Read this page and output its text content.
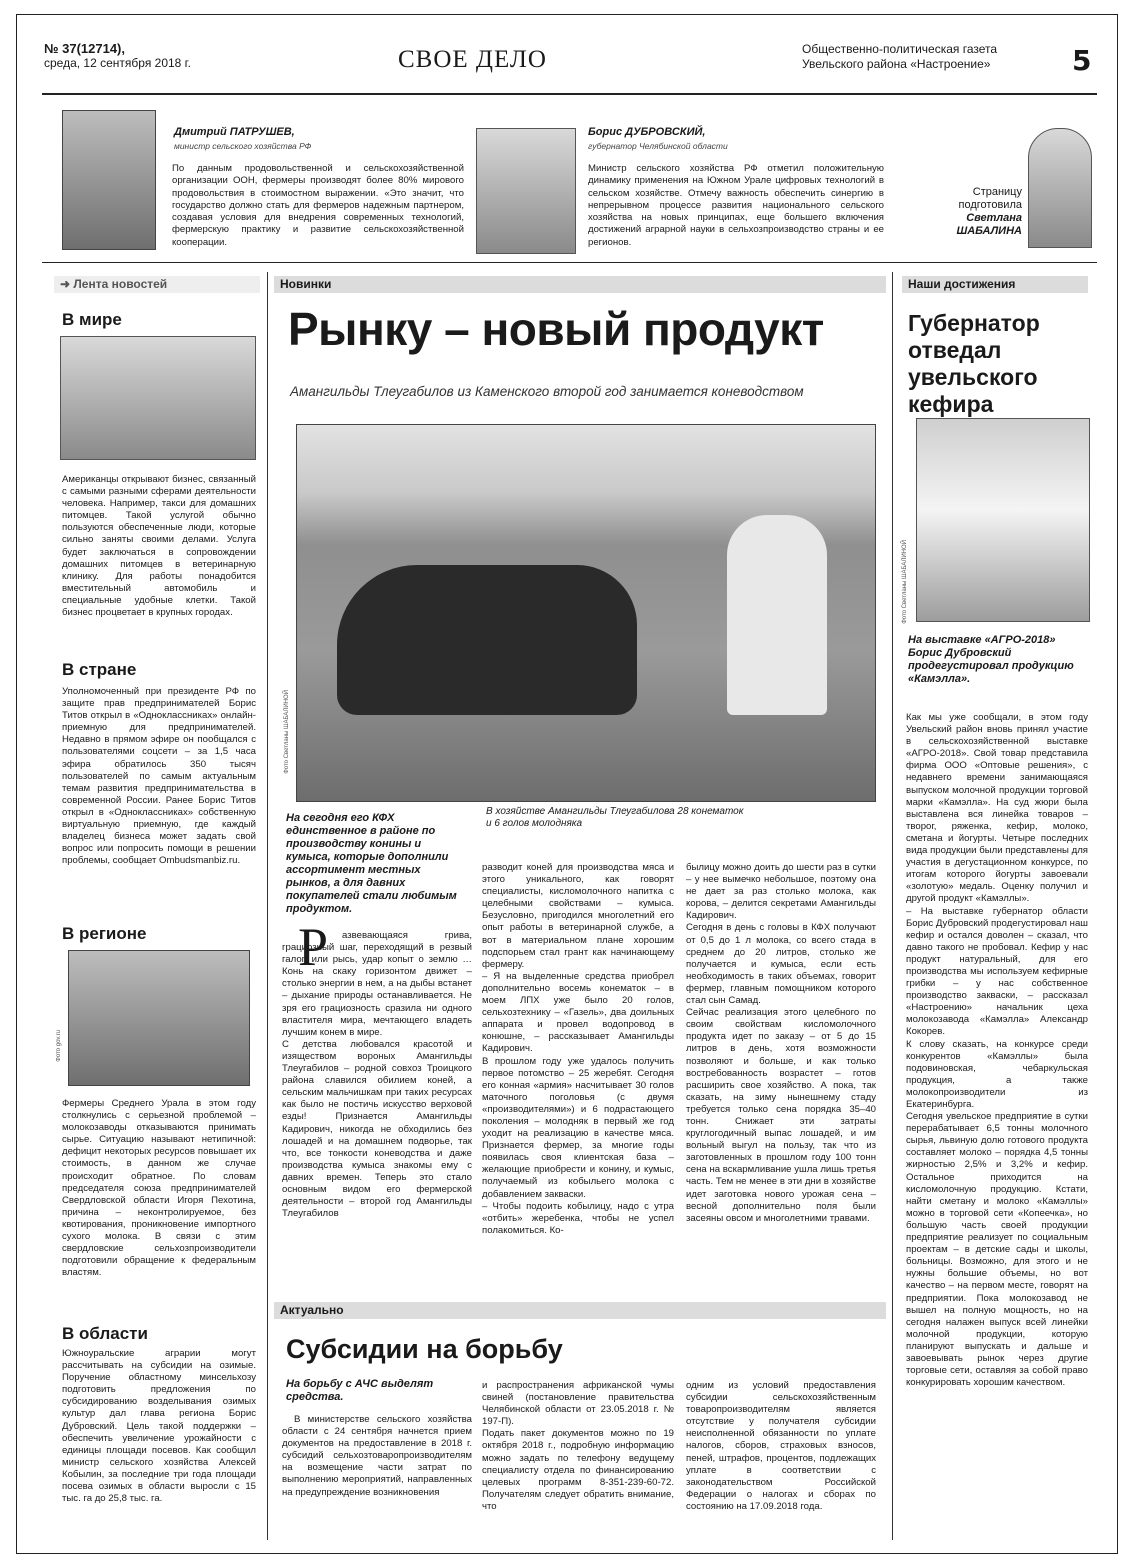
№ 37(12714),
среда, 12 сентября 2018 г.	СВОЕ ДЕЛО	Общественно-политическая газета
Увельского района «Настроение»	5
Дмитрий ПАТРУШЕВ,
министр сельского хозяйства РФ
По данным продовольственной и сельскохозяйственной организации ООН, фермеры производят более 80% мирового продовольствия в стоимостном выражении. «Это значит, что государство должно стать для фермеров надежным партнером, создавая условия для внедрения современных технологий, фермерскую практику и развитие сельскохозяйственной кооперации.
Борис ДУБРОВСКИЙ,
губернатор Челябинской области
Министр сельского хозяйства РФ отметил положительную динамику применения на Южном Урале цифровых технологий в сельском хозяйстве. Отмечу важность обеспечить синергию в непрерывном процессе развития национального сельского хозяйства на новых принципах, еще большего включения достижений аграрной науки в сельхозпроизводство страны и ее регионов.
Страницу
подготовила
Светлана
ШАБАЛИНА
➜ Лента новостей
В мире
Американцы открывают бизнес, связанный с самыми разными сферами деятельности человека. Например, такси для домашних питомцев. Такой услугой обычно пользуются обеспеченные люди, которые сильно заняты своими делами. Услуга будет заключаться в сопровождении домашних питомцев в ветеринарную клинику. Для работы понадобится вместительный автомобиль и специальные удобные клетки. Такой бизнес процветает в крупных городах.
В стране
Уполномоченный при президенте РФ по защите прав предпринимателей Борис Титов открыл в «Одноклассниках» онлайн-приемную для предпринимателей. Недавно в прямом эфире он пообщался с пользователями соцсети – за 1,5 часа эфира обратилось 350 тысяч пользователей по самым актуальным темам развития предпринимательства в современной России. Ранее Борис Титов открыл в «Одноклассниках» собственную виртуальную приемную, где каждый владелец бизнеса может задать свой вопрос или попросить помощи в решении проблемы, сообщает Ombudsmanbiz.ru.
В регионе
Фото gov.ru
Фермеры Среднего Урала в этом году столкнулись с серьезной проблемой – молокозаводы отказываются принимать сырье. Ситуацию называют нетипичной: дефицит некоторых ресурсов повышает их стоимость, в данном же случае происходит обратное. По словам председателя союза предпринимателей Свердловской области Игоря Пехотина, причина – неконтролируемое, без квотирования, проникновение импортного сухого молока. В связи с этим свердловские сельхозпроизводители подготовили обращение к федеральным властям.
В области
Южноуральские аграрии могут рассчитывать на субсидии на озимые. Поручение областному минсельхозу подготовить предложения по субсидированию возделывания озимых культур дал глава региона Борис Дубровский. Цель такой поддержки – обеспечить увеличение урожайности с единицы площади посевов. Как сообщил министр сельского хозяйства Алексей Кобылин, за последние три года площади посева озимых в области выросли с 15 тыс. га до 25,8 тыс. га.
Новинки
Рынку – новый продукт
Амангильды Тлеугабилов из Каменского второй год занимается коневодством
Фото Светланы ШАБАЛИНОЙ
В хозяйстве Амангильды Тлеугабилова 28 конематок
и 6 голов молодняка
На сегодня его КФХ единственное в районе по производству конины и кумыса, которые дополнили ассортимент местных рынков, а для давних покупателей стали любимым продуктом.
Р	азвевающаяся грива, грациозный шаг, переходящий в резвый галоп или рысь, удар копыт о землю … Конь на скаку горизонтом движет – столько энергии в нем, а на дыбы встанет – дыхание природы останавливается. Не зря его грациозность сразила ни одного властителя мира, мечтающего владеть лучшим конем в мире.
С детства любовался красотой и изяществом вороных Амангильды Тлеугабилов – родной совхоз Троицкого района славился обилием коней, а сельским мальчишкам при таких ресурсах как было не постичь искусство верховой езды! Признается Амангильды Кадирович, никогда не обходились без лошадей и на домашнем подворье, так что, все тонкости коневодства и даже производства кумыса знакомы ему с давних времен. Теперь это стало основным видом его фермерской деятельности – второй год Амангильды Тлеугабилов
разводит коней для производства мяса и этого уникального, как говорят специалисты, кисломолочного напитка с целебными свойствами – кумыса. Безусловно, пригодился многолетний его опыт работы в ветеринарной службе, а вот в материальном плане хорошим подспорьем стал грант как начинающему фермеру.
– Я на выделенные средства приобрел дополнительно восемь конематок – в моем ЛПХ уже было 20 голов, сельхозтехнику – «Газель», два доильных аппарата и провел водопровод в конюшне, – рассказывает Амангильды Кадирович.
В прошлом году уже удалось получить первое потомство – 25 жеребят. Сегодня его конная «армия» насчитывает 30 голов маточного поголовья (с двумя «производителями») и 6 подрастающего поколения – молодняк в первый же год уходит на реализацию в качестве мяса. Признается фермер, за многие годы появилась своя клиентская база – желающие приобрести и конину, и кумыс, получаемый из кобыльего молока с добавлением закваски.
– Чтобы подоить кобылицу, надо с утра «отбить» жеребенка, чтобы не успел полакомиться. Ко-
былицу можно доить до шести раз в сутки – у нее вымечко небольшое, поэтому она не дает за раз столько молока, как корова, – делится секретами Амангильды Кадирович.
Сегодня в день с головы в КФХ получают от 0,5 до 1 л молока, со всего стада в среднем до 20 литров, столько же получается и кумыса, если есть необходимость в таких объемах, говорит фермер, главным помощником которого стал сын Самад.
Сейчас реализация этого целебного по своим свойствам кисломолочного продукта идет по заказу – от 5 до 15 литров в день, хотя возможности позволяют и больше, и как только востребованность возрастет – готов расширить свое хозяйство. А пока, так сказать, на зиму нынешнему стаду требуется только сена порядка 35–40 тонн. Снижает эти затраты круглогодичный выпас лошадей, и им вольный выгул на пользу, так что из заготовленных в прошлом году 100 тонн сена на вскармливание ушла лишь третья часть. Тем не менее в эти дни в хозяйстве идет заготовка нового урожая сена – весной дополнительно поля были засеяны овсом и многолетними травами.
Актуально
Субсидии на борьбу
На борьбу с АЧС выделят средства.
В министерстве сельского хозяйства области с 24 сентября начнется прием документов на предоставление в 2018 г. субсидий сельхозтоваропроизводителям на возмещение части затрат по выполнению мероприятий, направленных на предупреждение возникновения
и распространения африканской чумы свиней (постановление правительства Челябинской области от 23.05.2018 г. № 197-П).
Подать пакет документов можно по 19 октября 2018 г., подробную информацию можно задать по телефону ведущему специалисту отдела по финансированию целевых программ 8-351-239-60-72. Получателям следует обратить внимание, что
одним из условий предоставления субсидии сельскохозяйственным товаропроизводителям является отсутствие у получателя субсидии неисполненной обязанности по уплате налогов, сборов, страховых взносов, пеней, штрафов, процентов, подлежащих уплате в соответствии с законодательством Российской Федерации о налогах и сборах по состоянию на 17.09.2018 года.
Наши достижения
Губернатор отведал увельского кефира
Фото Светланы ШАБАЛИНОЙ
На выставке «АГРО-2018» Борис Дубровский продегустировал продукцию «Камэлла».
Как мы уже сообщали, в этом году Увельский район вновь принял участие в сельскохозяйственной выставке «АГРО-2018». Свой товар представила фирма ООО «Оптовые решения», с недавнего времени занимающаяся выпуском молочной продукции торговой марки «Камэлла». На суд жюри была выставлена вся линейка товаров – творог, ряженка, кефир, молоко, сметана и йогурты. Четыре последних вида продукции были представлены для участия в дегустационном конкурсе, по итогам которого йогурты завоевали «золотую» медаль. Оценку получил и другой продукт «Камэллы».
– На выставке губернатор области Борис Дубровский продегустировал наш кефир и остался доволен – сказал, что давно такого не пробовал. Кефир у нас продукт натуральный, для его производства мы используем кефирные грибки – у нас собственное производство закваски, – рассказал «Настроению» начальник цеха молокозавода «Камэлла» Александр Кокорев.
К слову сказать, на конкурсе среди конкурентов «Камэллы» была подовиновская, чебаркульская продукция, а также молокопроизводители из Екатеринбурга.
Сегодня увельское предприятие в сутки перерабатывает 6,5 тонны молочного сырья, львиную долю готового продукта составляет молоко – порядка 4,5 тонны жирностью 2,5% и 3,2% и кефир. Остальное приходится на кисломолочную продукцию. Кстати, найти сметану и молоко «Камэллы» можно в торговой сети «Копеечка», но большую часть своей продукции предприятие реализует по социальным проектам – в детские сады и школы, больницы. Возможно, для этого и не нужны большие объемы, но вот качество – на первом месте, говорят на предприятии. Пока молокозавод не вышел на полную мощность, но на сегодня налажен выпуск всей линейки молочной продукции, которую планируют выпускать и дальше и завоевывать рынок через другие торговые сети, оставляя за собой право конкурировать хорошим качеством.
